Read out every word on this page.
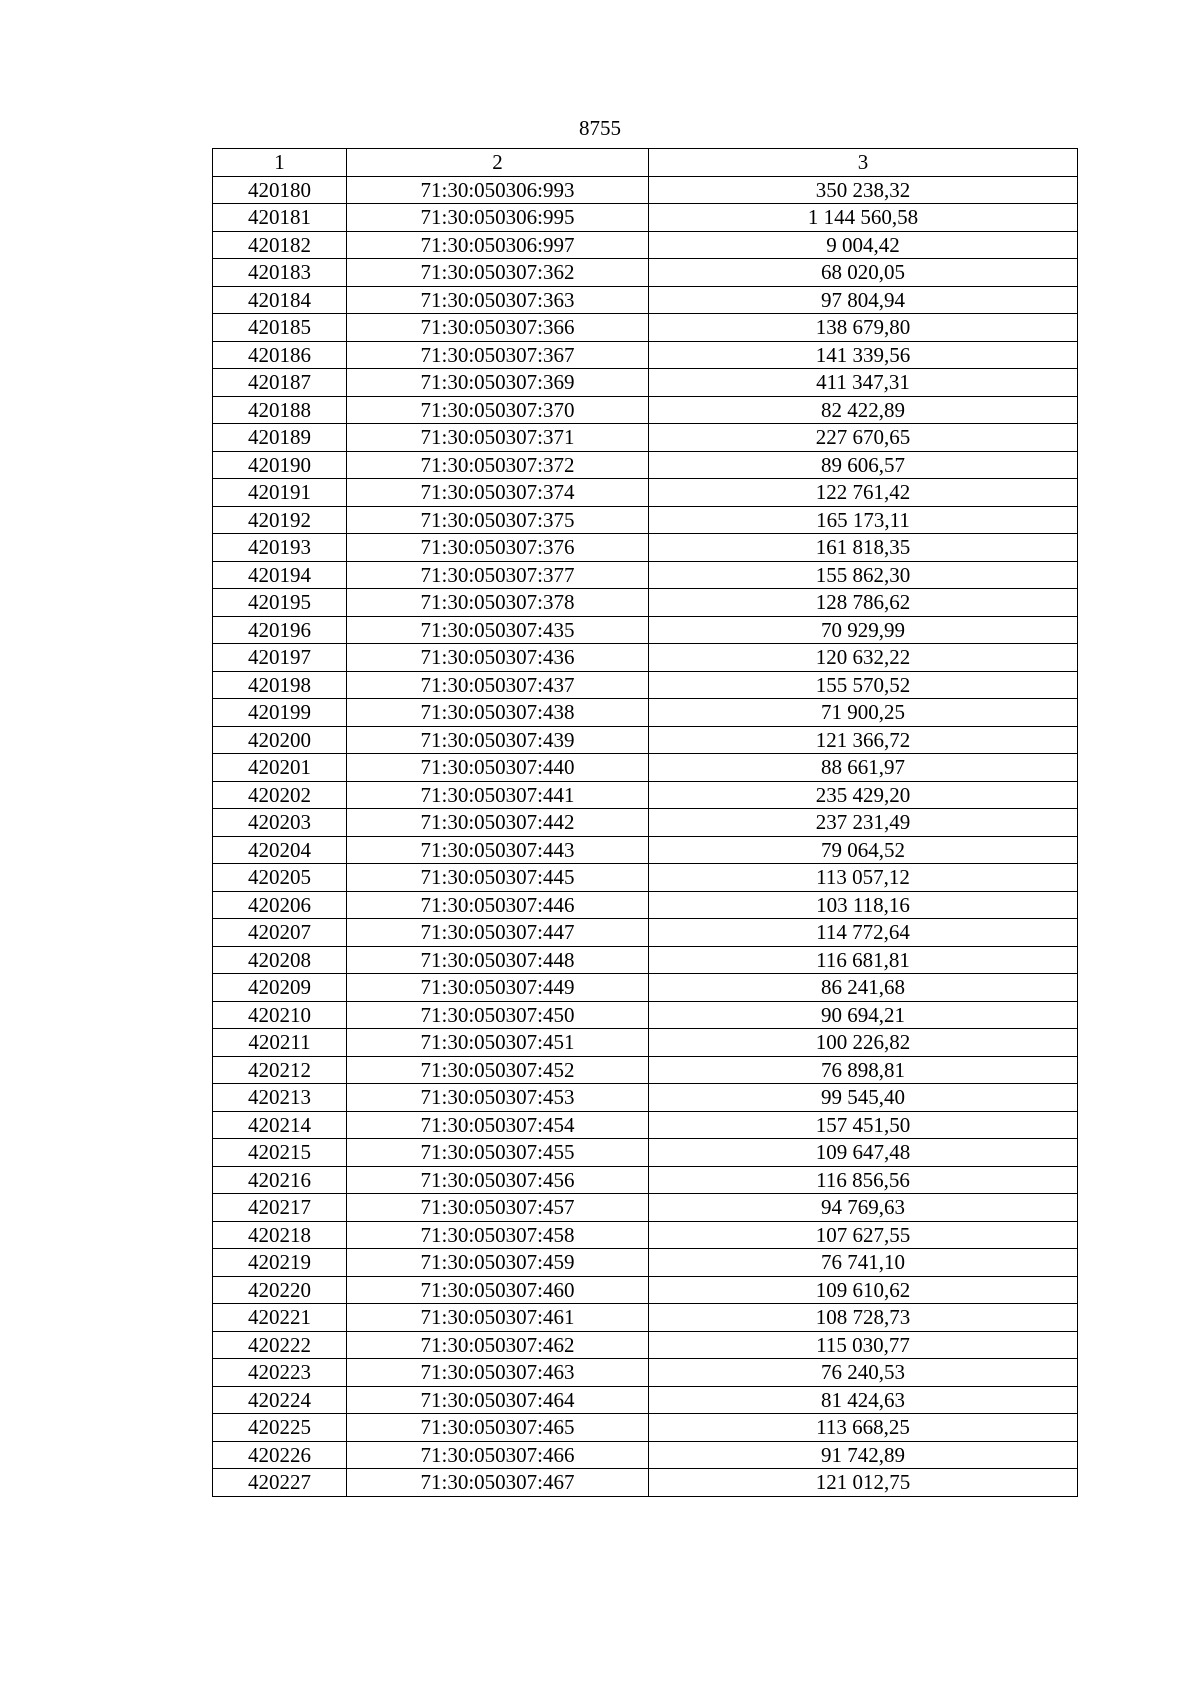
8755
1	2	3
420180	71:30:050306:993	350 238,32
420181	71:30:050306:995	1 144 560,58
420182	71:30:050306:997	9 004,42
420183	71:30:050307:362	68 020,05
420184	71:30:050307:363	97 804,94
420185	71:30:050307:366	138 679,80
420186	71:30:050307:367	141 339,56
420187	71:30:050307:369	411 347,31
420188	71:30:050307:370	82 422,89
420189	71:30:050307:371	227 670,65
420190	71:30:050307:372	89 606,57
420191	71:30:050307:374	122 761,42
420192	71:30:050307:375	165 173,11
420193	71:30:050307:376	161 818,35
420194	71:30:050307:377	155 862,30
420195	71:30:050307:378	128 786,62
420196	71:30:050307:435	70 929,99
420197	71:30:050307:436	120 632,22
420198	71:30:050307:437	155 570,52
420199	71:30:050307:438	71 900,25
420200	71:30:050307:439	121 366,72
420201	71:30:050307:440	88 661,97
420202	71:30:050307:441	235 429,20
420203	71:30:050307:442	237 231,49
420204	71:30:050307:443	79 064,52
420205	71:30:050307:445	113 057,12
420206	71:30:050307:446	103 118,16
420207	71:30:050307:447	114 772,64
420208	71:30:050307:448	116 681,81
420209	71:30:050307:449	86 241,68
420210	71:30:050307:450	90 694,21
420211	71:30:050307:451	100 226,82
420212	71:30:050307:452	76 898,81
420213	71:30:050307:453	99 545,40
420214	71:30:050307:454	157 451,50
420215	71:30:050307:455	109 647,48
420216	71:30:050307:456	116 856,56
420217	71:30:050307:457	94 769,63
420218	71:30:050307:458	107 627,55
420219	71:30:050307:459	76 741,10
420220	71:30:050307:460	109 610,62
420221	71:30:050307:461	108 728,73
420222	71:30:050307:462	115 030,77
420223	71:30:050307:463	76 240,53
420224	71:30:050307:464	81 424,63
420225	71:30:050307:465	113 668,25
420226	71:30:050307:466	91 742,89
420227	71:30:050307:467	121 012,75
